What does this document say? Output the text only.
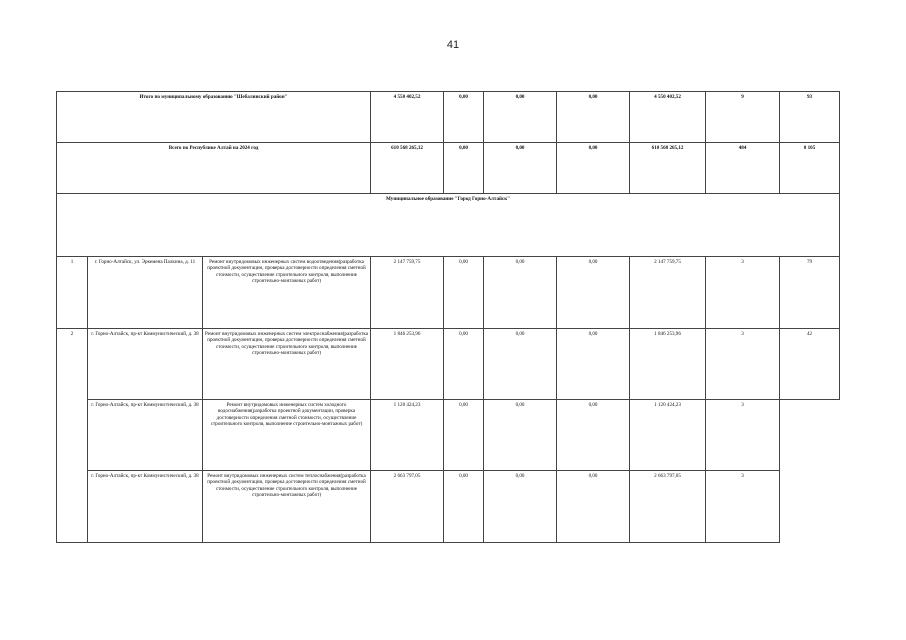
41
Итого по муниципальному образованию "Шебалинский район"			4 550 402,52	0,00	0,00	0,00	4 550 402,52	9	93
Всего по Республике Алтай на 2024 год			610 568 265,12	0,00	0,00	0,00	610 568 265,12	484	0 105
Муниципальное образование "Город Горно-Алтайск"									
1	г. Горно-Алтайск, ул. Эркемена Палкина, д. 11	Ремонт внутридомовых инженерных систем водоотведения(разработка проектной документации, проверка достоверности определения сметной стоимости, осуществление строительного контроля, выполнение строительно-монтажных работ)	2 147 759,75	0,00	0,00	0,00	2 147 759,75	3	79
2	г. Горно-Алтайск, пр-кт Коммунистический, д. 38	Ремонт внутридомовых инженерных систем электроснабжения(разработка проектной документации, проверка достоверности определения сметной стоимости, осуществление строительного контроля, выполнение строительно-монтажных работ)	1 846 253,96	0,00	0,00	0,00	1 846 253,96	3	42
	г. Горно-Алтайск, пр-кт Коммунистический, д. 38	Ремонт внутридомовых инженерных систем холодного водоснабжения(разработка проектной документации, проверка достоверности определения сметной стоимости, осуществление строительного контроля, выполнение строительно-монтажных работ)	1 120 424,23	0,00	0,00	0,00	1 120 424,23	3	
	г. Горно-Алтайск, пр-кт Коммунистический, д. 38	Ремонт внутридомовых инженерных систем теплоснабжения(разработка проектной документации, проверка достоверности определения сметной стоимости, осуществление строительного контроля, выполнение строительно-монтажных работ)	2 663 797,05	0,00	0,00	0,00	2 663 797,05	3	
